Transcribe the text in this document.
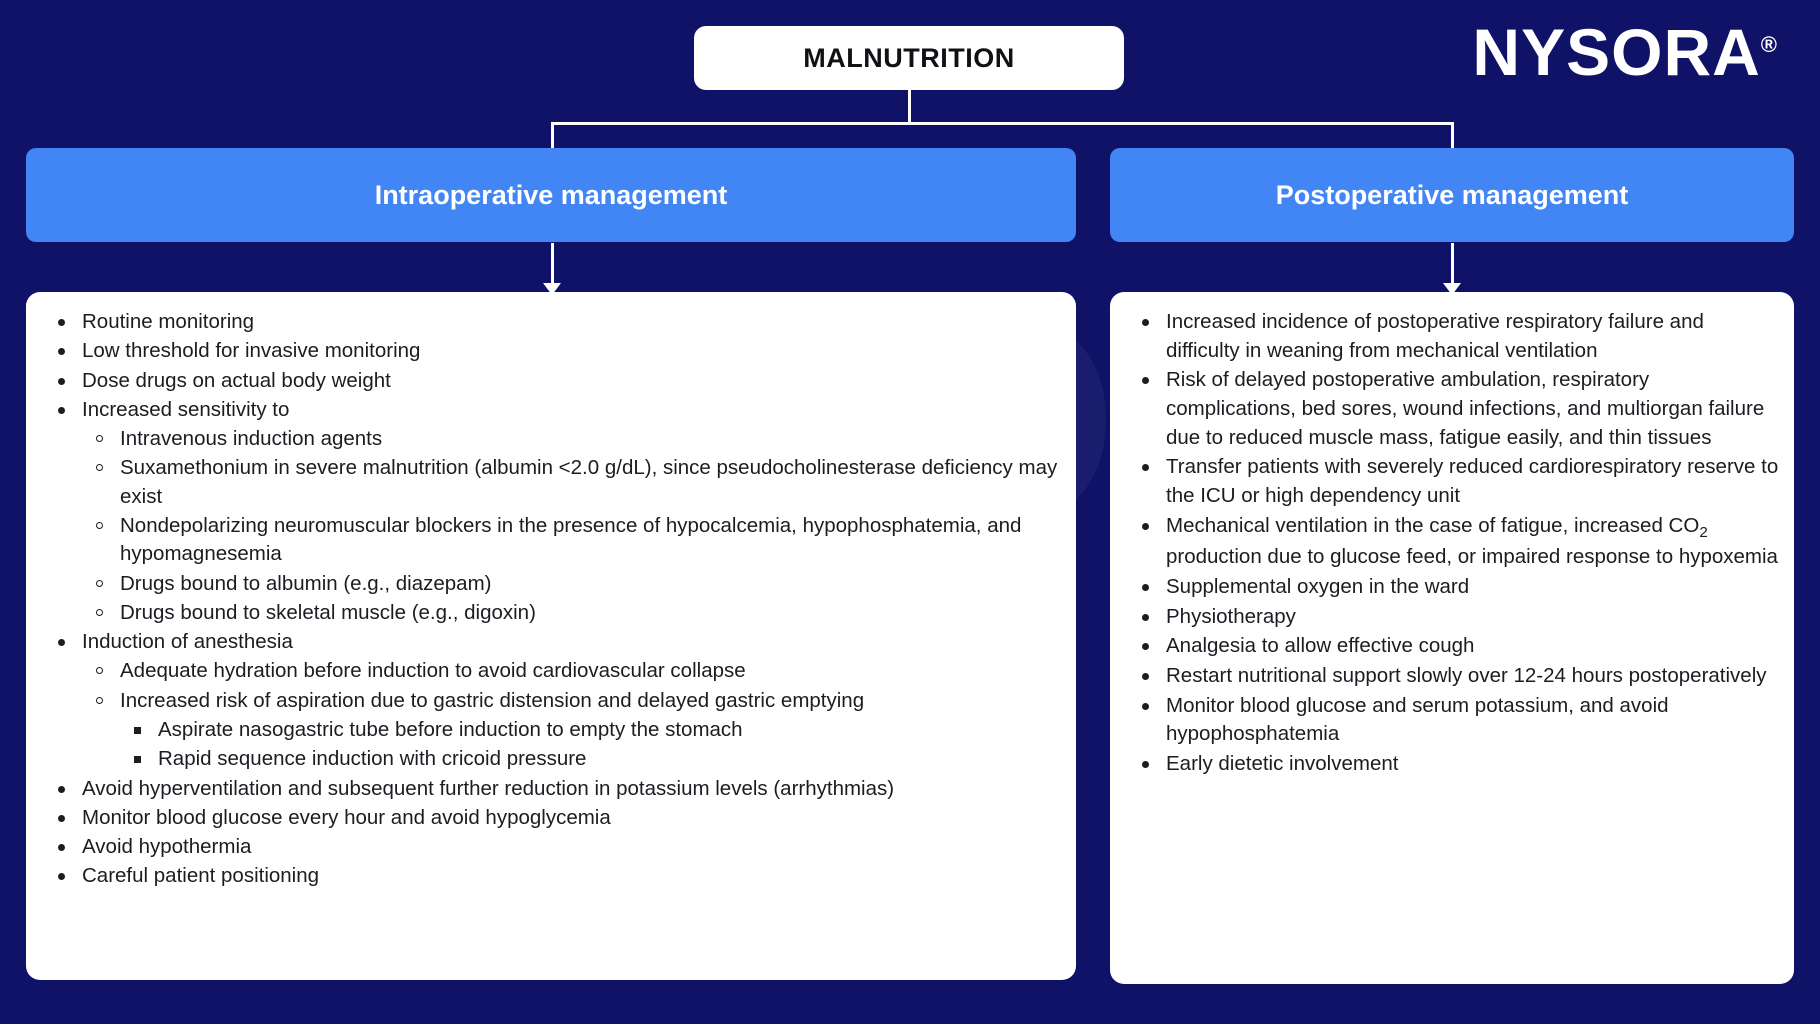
NYSORA®
MALNUTRITION
Intraoperative management	Postoperative management
Routine monitoring
Low threshold for invasive monitoring
Dose drugs on actual body weight
Increased sensitivity to
Intravenous induction agents
Suxamethonium in severe malnutrition (albumin <2.0 g/dL), since pseudocholinesterase deficiency may exist
Nondepolarizing neuromuscular blockers in the presence of hypocalcemia, hypophosphatemia, and hypomagnesemia
Drugs bound to albumin (e.g., diazepam)
Drugs bound to skeletal muscle (e.g., digoxin)
Induction of anesthesia
Adequate hydration before induction to avoid cardiovascular collapse
Increased risk of aspiration due to gastric distension and delayed gastric emptying
Aspirate nasogastric tube before induction to empty the stomach
Rapid sequence induction with cricoid pressure
Avoid hyperventilation and subsequent further reduction in potassium levels (arrhythmias)
Monitor blood glucose every hour and avoid hypoglycemia
Avoid hypothermia
Careful patient positioning
Increased incidence of postoperative respiratory failure and difficulty in weaning from mechanical ventilation
Risk of delayed postoperative ambulation, respiratory complications, bed sores, wound infections, and multiorgan failure due to reduced muscle mass, fatigue easily, and thin tissues
Transfer patients with severely reduced cardiorespiratory reserve to the ICU or high dependency unit
Mechanical ventilation in the case of fatigue, increased $CO_2$ production due to glucose feed, or impaired response to hypoxemia
Supplemental oxygen in the ward
Physiotherapy
Analgesia to allow effective cough
Restart nutritional support slowly over 12-24 hours postoperatively
Monitor blood glucose and serum potassium, and avoid hypophosphatemia
Early dietetic involvement
